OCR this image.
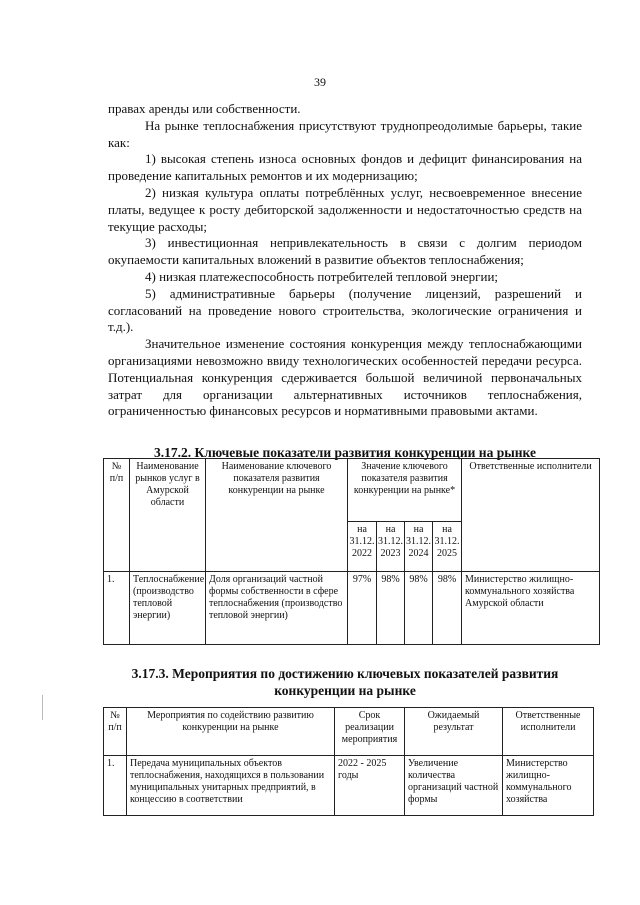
39

правах аренды или собственности.

На рынке теплоснабжения присутствуют труднопреодолимые барьеры, такие как:

1) высокая степень износа основных фондов и дефицит финансирования на проведение капитальных ремонтов и их модернизацию;

2) низкая культура оплаты потреблённых услуг, несвоевременное внесение платы, ведущее к росту дебиторской задолженности и недостаточностью средств на текущие расходы;

3) инвестиционная непривлекательность в связи с долгим периодом окупаемости капитальных вложений в развитие объектов теплоснабжения;

4) низкая платежеспособность потребителей тепловой энергии;

5) административные барьеры (получение лицензий, разрешений и согласований на проведение нового строительства, экологические ограничения и т.д.).

Значительное изменение состояния конкуренция между теплоснабжающими организациями невозможно ввиду технологических особенностей передачи ресурса. Потенциальная конкуренция сдерживается большой величиной первоначальных затрат для организации альтернативных источников теплоснабжения, ограниченностью финансовых ресурсов и нормативными правовыми актами.

3.17.2. Ключевые показатели развития конкуренции на рынке
№ п/п	Наименование рынков услуг в Амурской области	Наименование ключевого показателя развития конкуренции на рынке	Значение ключевого показателя развития конкуренции на рынке*				Ответственные исполнители
			на 31.12. 2022	на 31.12. 2023	на 31.12. 2024	на 31.12. 2025	
1.	Теплоснабжение (производство тепловой энергии)	Доля организаций частной формы собственности в сфере теплоснабжения (производство тепловой энергии)	97%	98%	98%	98%	Министерство жилищно-коммунального хозяйства Амурской области
3.17.3. Мероприятия по достижению ключевых показателей развития конкуренции на рынке
№ п/п	Мероприятия по содействию развитию конкуренции на рынке	Срок реализации мероприятия	Ожидаемый результат	Ответственные исполнители
1.	Передача муниципальных объектов теплоснабжения, находящихся в пользовании муниципальных унитарных предприятий, в концессию в соответствии	2022 - 2025 годы	Увеличение количества организаций частной формы	Министерство жилищно-коммунального хозяйства
